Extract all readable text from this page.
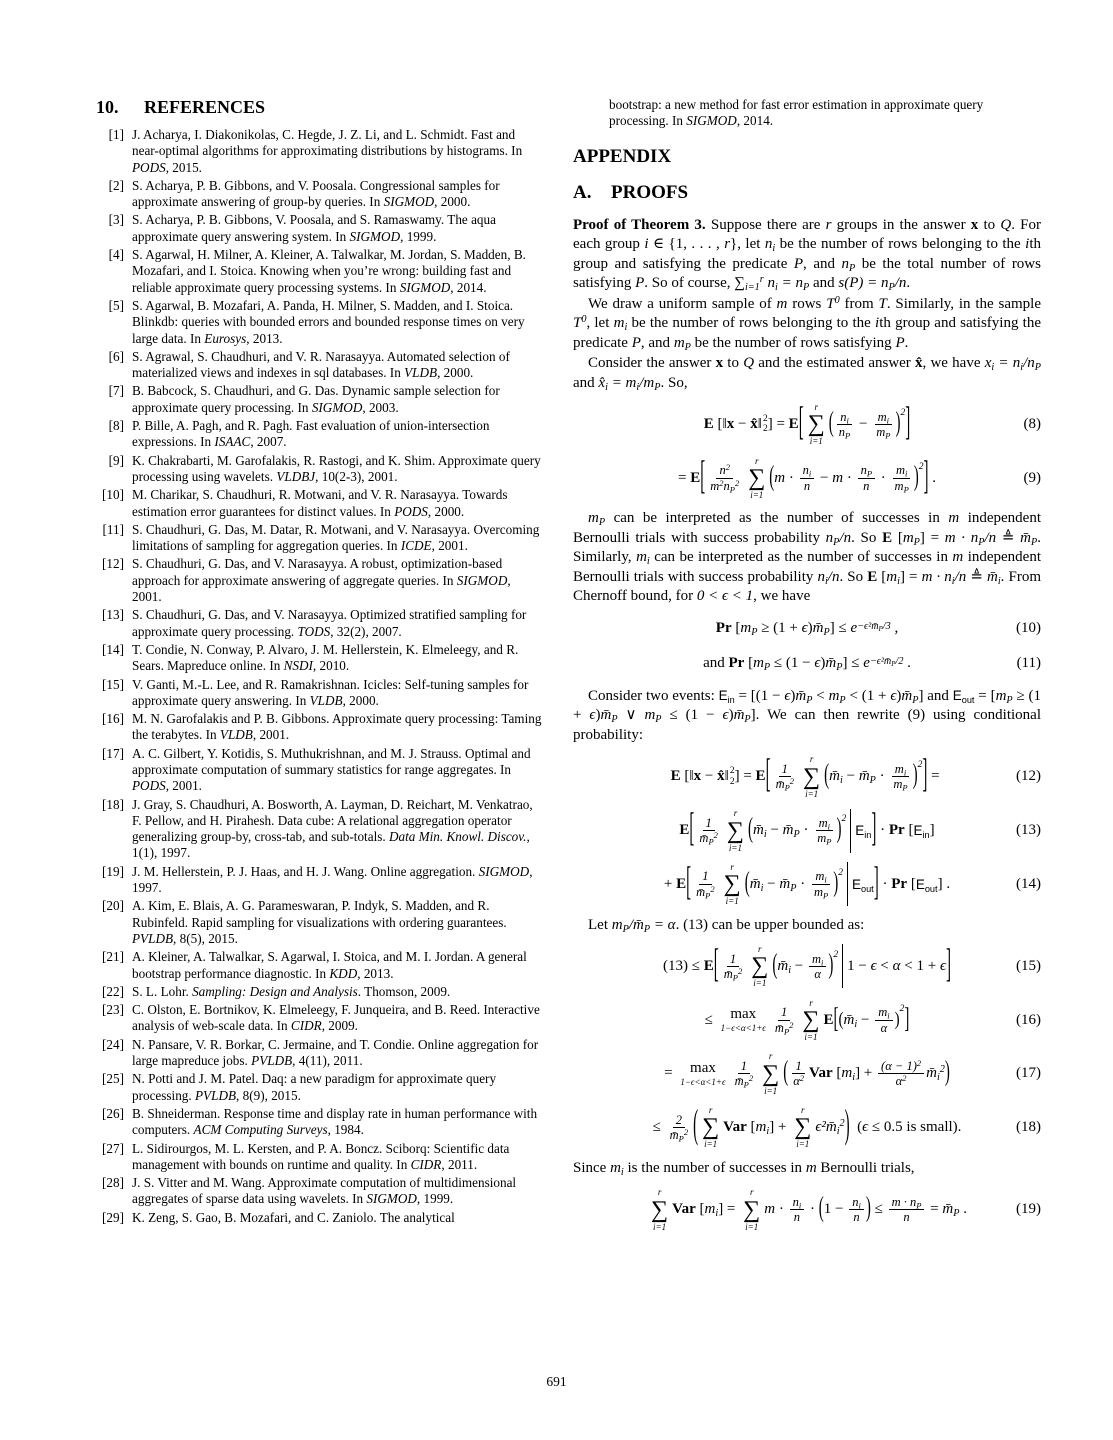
10.	REFERENCES
[1] J. Acharya, I. Diakonikolas, C. Hegde, J. Z. Li, and L. Schmidt. Fast and near-optimal algorithms for approximating distributions by histograms. In PODS, 2015.
[2] S. Acharya, P. B. Gibbons, and V. Poosala. Congressional samples for approximate answering of group-by queries. In SIGMOD, 2000.
[3] S. Acharya, P. B. Gibbons, V. Poosala, and S. Ramaswamy. The aqua approximate query answering system. In SIGMOD, 1999.
[4] S. Agarwal, H. Milner, A. Kleiner, A. Talwalkar, M. Jordan, S. Madden, B. Mozafari, and I. Stoica. Knowing when you’re wrong: building fast and reliable approximate query processing systems. In SIGMOD, 2014.
[5] S. Agarwal, B. Mozafari, A. Panda, H. Milner, S. Madden, and I. Stoica. Blinkdb: queries with bounded errors and bounded response times on very large data. In Eurosys, 2013.
[6] S. Agrawal, S. Chaudhuri, and V. R. Narasayya. Automated selection of materialized views and indexes in sql databases. In VLDB, 2000.
[7] B. Babcock, S. Chaudhuri, and G. Das. Dynamic sample selection for approximate query processing. In SIGMOD, 2003.
[8] P. Bille, A. Pagh, and R. Pagh. Fast evaluation of union-intersection expressions. In ISAAC, 2007.
[9] K. Chakrabarti, M. Garofalakis, R. Rastogi, and K. Shim. Approximate query processing using wavelets. VLDBJ, 10(2-3), 2001.
[10] M. Charikar, S. Chaudhuri, R. Motwani, and V. R. Narasayya. Towards estimation error guarantees for distinct values. In PODS, 2000.
[11] S. Chaudhuri, G. Das, M. Datar, R. Motwani, and V. Narasayya. Overcoming limitations of sampling for aggregation queries. In ICDE, 2001.
[12] S. Chaudhuri, G. Das, and V. Narasayya. A robust, optimization-based approach for approximate answering of aggregate queries. In SIGMOD, 2001.
[13] S. Chaudhuri, G. Das, and V. Narasayya. Optimized stratified sampling for approximate query processing. TODS, 32(2), 2007.
[14] T. Condie, N. Conway, P. Alvaro, J. M. Hellerstein, K. Elmeleegy, and R. Sears. Mapreduce online. In NSDI, 2010.
[15] V. Ganti, M.-L. Lee, and R. Ramakrishnan. Icicles: Self-tuning samples for approximate query answering. In VLDB, 2000.
[16] M. N. Garofalakis and P. B. Gibbons. Approximate query processing: Taming the terabytes. In VLDB, 2001.
[17] A. C. Gilbert, Y. Kotidis, S. Muthukrishnan, and M. J. Strauss. Optimal and approximate computation of summary statistics for range aggregates. In PODS, 2001.
[18] J. Gray, S. Chaudhuri, A. Bosworth, A. Layman, D. Reichart, M. Venkatrao, F. Pellow, and H. Pirahesh. Data cube: A relational aggregation operator generalizing group-by, cross-tab, and sub-totals. Data Min. Knowl. Discov., 1(1), 1997.
[19] J. M. Hellerstein, P. J. Haas, and H. J. Wang. Online aggregation. SIGMOD, 1997.
[20] A. Kim, E. Blais, A. G. Parameswaran, P. Indyk, S. Madden, and R. Rubinfeld. Rapid sampling for visualizations with ordering guarantees. PVLDB, 8(5), 2015.
[21] A. Kleiner, A. Talwalkar, S. Agarwal, I. Stoica, and M. I. Jordan. A general bootstrap performance diagnostic. In KDD, 2013.
[22] S. L. Lohr. Sampling: Design and Analysis. Thomson, 2009.
[23] C. Olston, E. Bortnikov, K. Elmeleegy, F. Junqueira, and B. Reed. Interactive analysis of web-scale data. In CIDR, 2009.
[24] N. Pansare, V. R. Borkar, C. Jermaine, and T. Condie. Online aggregation for large mapreduce jobs. PVLDB, 4(11), 2011.
[25] N. Potti and J. M. Patel. Daq: a new paradigm for approximate query processing. PVLDB, 8(9), 2015.
[26] B. Shneiderman. Response time and display rate in human performance with computers. ACM Computing Surveys, 1984.
[27] L. Sidirourgos, M. L. Kersten, and P. A. Boncz. Sciborq: Scientific data management with bounds on runtime and quality. In CIDR, 2011.
[28] J. S. Vitter and M. Wang. Approximate computation of multidimensional aggregates of sparse data using wavelets. In SIGMOD, 1999.
[29] K. Zeng, S. Gao, B. Mozafari, and C. Zaniolo. The analytical

bootstrap: a new method for fast error estimation in approximate query processing. In SIGMOD, 2014.

APPENDIX
A.	PROOFS

Proof of Theorem 3. Suppose there are r groups in the answer x to Q. For each group i ∈ {1, . . . , r}, let $n_i$ be the number of rows belonging to the ith group and satisfying the predicate P, and $n_P$ be the total number of rows satisfying P. So of course, $\sum_{i=1}^r$ $n_i = n_P$ and $s(P) = n_P/n$.

We draw a uniform sample of m rows $T^0$ from T. Similarly, in the sample $T^0$, let $m_i$ be the number of rows belonging to the ith group and satisfying the predicate P, and $m_P$ be the number of rows satisfying P.

Consider the answer x to Q and the estimated answer x̂, we have $x_i = n_i/n_P$ and $x̂_i = m_i/m_P$. So,

E [ ‖ x − x̂ ‖ 2
2 ] = E [ r
∑
i=1
( $\frac{n_i}{n_P} - \frac{m_i}{m_P} )^2$ ]	(8)
= E [ $\frac{n^2}{m^2n_P^2}$
r
∑
i=1
( $m \cdot \frac{n_i}{n} - m \cdot \frac{n_P}{n} \cdot \frac{m_i}{m_P} )^2$ ] .	(9)

$m_P$ can be interpreted as the number of successes in m independent Bernoulli trials with success probability $n_P/n$. So E $[m_P] = m \cdot n_P/n$ ≜ $m̄_P$. Similarly, $m_i$ can be interpreted as the number of successes in m independent Bernoulli trials with success probability $n_i/n$. So E $[m_i] = m \cdot n_i/n$ ≜ $m̄_i$. From Chernoff bound, for 0 < ϵ < 1, we have

Pr [ $m_P \ge (1 + \epsilon$ ) $m̄_P$ ] ≤ $e -\epsilon^2m̄_P/3$ ,	(10)
and Pr [ $m_P \le (1 - \epsilon$ ) $m̄_P$ ] ≤ $e -\epsilon^2m̄_P/2$ .	(11)

Consider two events: $E_{in} = [(1$ − $\epsilon)m̄_P < m_P < (1$ + $\epsilon)m̄_P$] and $E_{out} = [m_P \ge (1$ + $\epsilon)m̄_P$ ∨ $m_P \le (1$ − $\epsilon)m̄_P$]. We can then rewrite (9) using conditional probability:

E [ ‖ x − x̂ ‖ 2
2 ] = E [ $\frac{1}{m̄_P^2}$
r
∑
i=1
( $m̄_i$ − $m̄_P \cdot \frac{m_i}{m_P} )^2$ ] =	(12)
E [ $\frac{1}{m̄_P^2}$
r
∑
i=1
( $m̄_i$ − $m̄_P \cdot \frac{m_i}{m_P} )^2$
$E_{in}$ ] · Pr [ $E_{in}$ ]	(13)
+ E [ $\frac{1}{m̄_P^2}$
r
∑
i=1
( $m̄_i$ − $m̄_P \cdot \frac{m_i}{m_P} )^2$
$E_{out}$ ] · Pr [ $E_{out}$ ] .	(14)

Let $m_P/m̄_P = \alpha$. (13) can be upper bounded as:

(13) ≤ E [ $\frac{1}{m̄_P^2}$
r
∑
i=1
( $m̄_i - \frac{m_i}{\alpha} )^2$
1 − ϵ < α < 1 + ϵ ]	(15)
≤ max
$1-\epsilon<\alpha<1+\epsilon \frac{1}{m̄_P^2}$
r
∑
i=1
E [ ( $m̄_i - \frac{m_i}{\alpha} )^2$ ]	(16)
= max
$1-\epsilon<\alpha<1+\epsilon \frac{1}{m̄_P^2}$
r
∑
i=1
( $\frac{1}{\alpha^2}$ Var [ $m_i$ ] + $\frac{(\alpha - 1)^2}{\alpha^2}$ $m̄_i^2$ )	(17)
≤ $\frac{2}{m̄_P^2}$ ( r
∑
i=1
Var [ $m_i$ ] +
r
∑
i=1
$\epsilon^2m̄_i^2$ ) ( ϵ ≤ 0.5 is small).	(18)

Since $m_i$ is the number of successes in m Bernoulli trials,

r
∑
i=1
Var [ $m_i$ ] =
r
∑
i=1
$m \cdot \frac{n_i}{n}$ · ( $1 - \frac{n_i}{n}$ ) ≤ $\frac{m \cdot n_P}{n}$ = $m̄_P$ .	(19)
691
